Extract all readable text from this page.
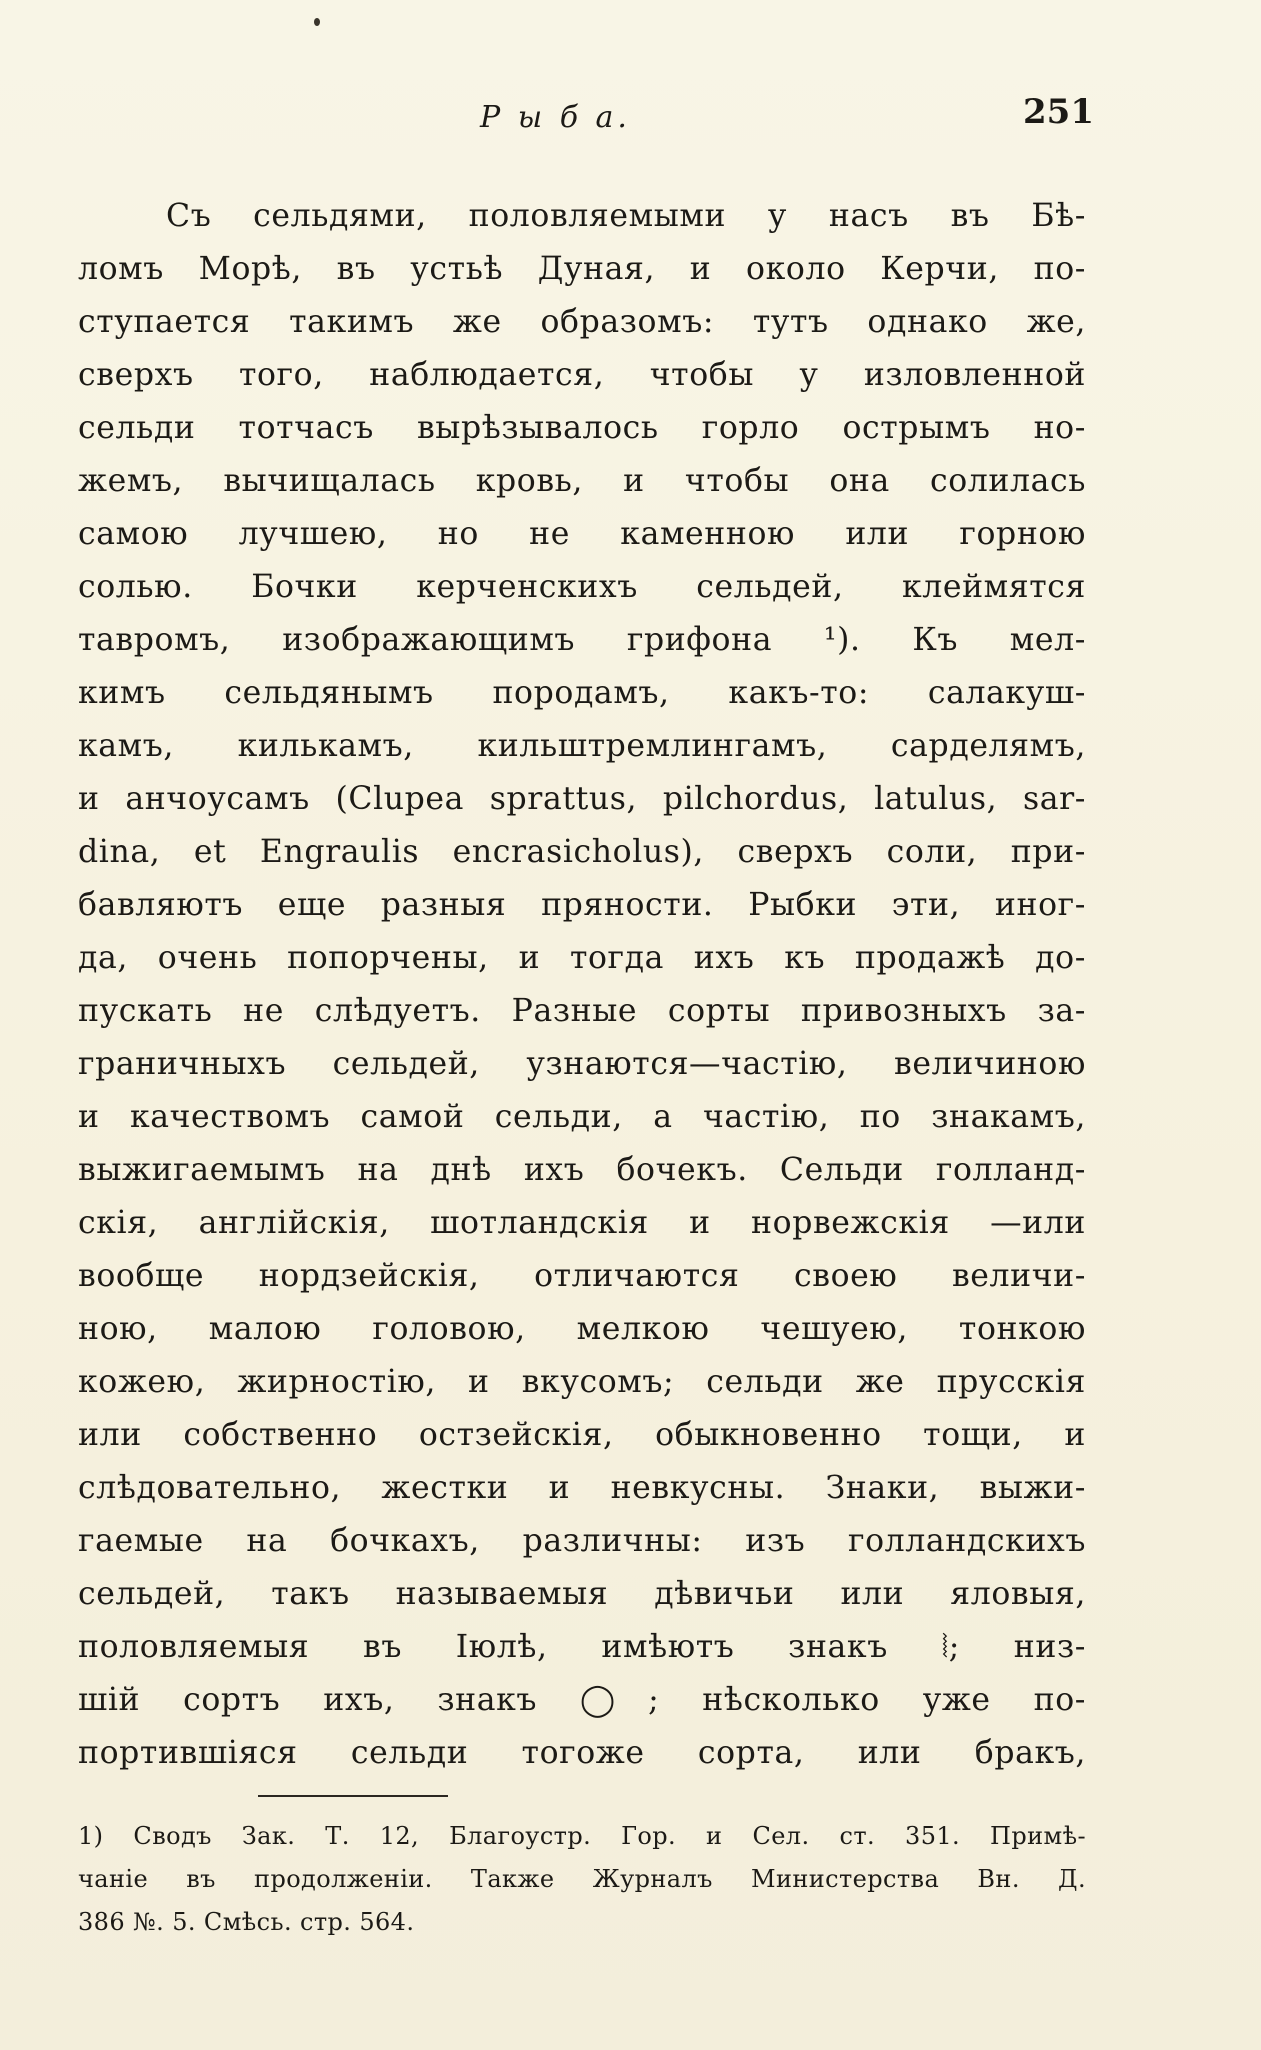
Р ы б а.	251
Съ сельдями, половляемыми у насъ въ Бѣ-
ломъ Морѣ, въ устьѣ Дуная, и около Керчи, по-
ступается такимъ же образомъ: тутъ однако же,
сверхъ того, наблюдается, чтобы у изловленной
сельди тотчасъ вырѣзывалось горло острымъ но-
жемъ, вычищалась кровь, и чтобы она солилась
самою лучшею, но не каменною или горною
солью. Бочки керченскихъ сельдей, клеймятся
тавромъ, изображающимъ грифона ¹). Къ мел-
кимъ сельдянымъ породамъ, какъ-то: салакуш-
камъ, килькамъ, кильштремлингамъ, сарделямъ,
и анчоусамъ (Clupea sprattus, pilchordus, latulus, sar-
dina, et Engraulis encrasicholus), сверхъ соли, при-
бавляютъ еще разныя пряности. Рыбки эти, иног-
да, очень попорчены, и тогда ихъ къ продажѣ до-
пускать не слѣдуетъ. Разные сорты привозныхъ за-
граничныхъ сельдей, узнаются—частію, величиною
и качествомъ самой сельди, а частію, по знакамъ,
выжигаемымъ на днѣ ихъ бочекъ. Сельди голланд-
скія, англійскія, шотландскія и норвежскія —или
вообще нордзейскія, отличаются своею величи-
ною, малою головою, мелкою чешуею, тонкою
кожею, жирностію, и вкусомъ; сельди же прусскія
или собственно остзейскія, обыкновенно тощи, и
слѣдовательно, жестки и невкусны. Знаки, выжи-
гаемые на бочкахъ, различны: изъ голландскихъ
сельдей, такъ называемыя дѣвичьи или яловыя,
половляемыя въ Іюлѣ, имѣютъ знакъ ⦚; низ-
шій сортъ ихъ, знакъ ◯; нѣсколько уже по-
портившіяся сельди тогоже сорта, или бракъ,
1) Сводъ Зак. Т. 12, Благоустр. Гор. и Сел. ст. 351. Примѣ-
чаніе въ продолженіи. Также Журналъ Министерства Вн. Д.
386 №. 5. Смѣсь. стр. 564.
